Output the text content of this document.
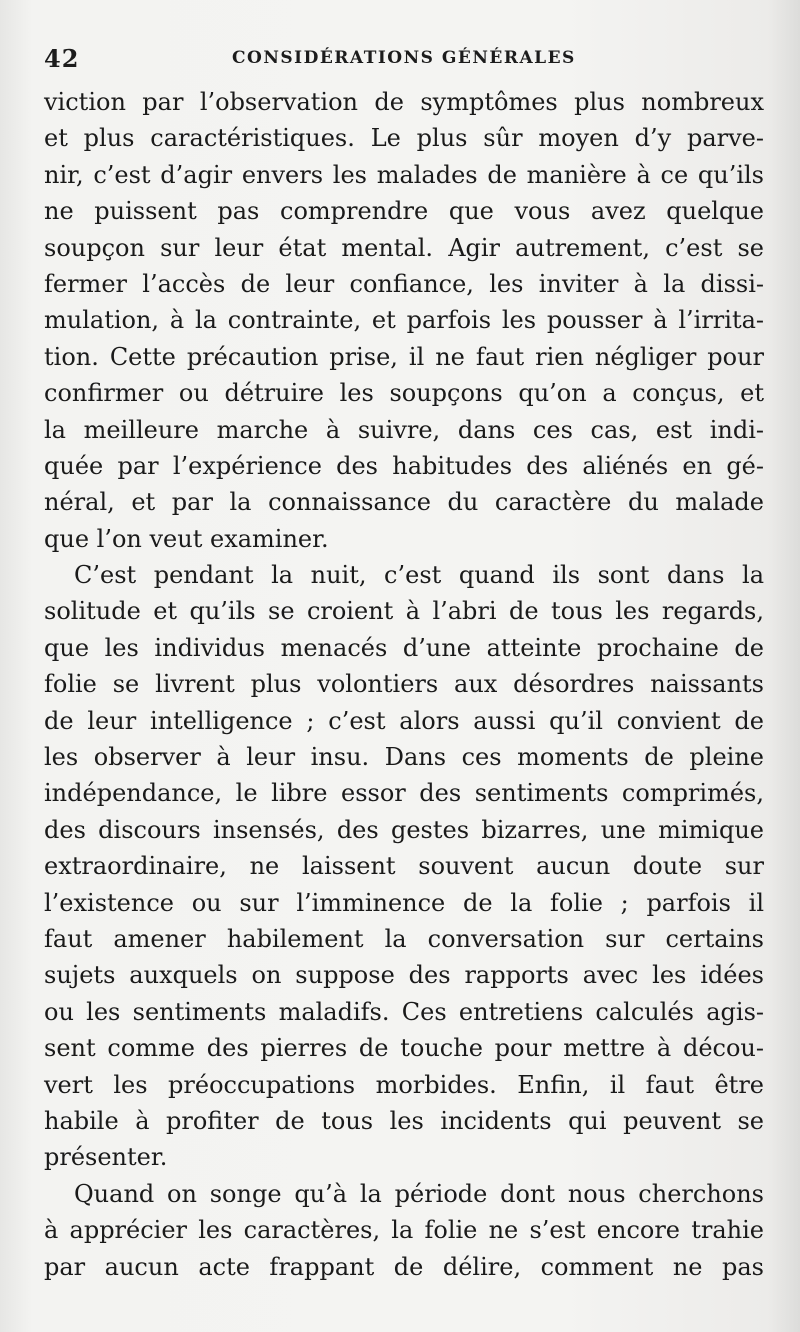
42	CONSIDÉRATIONS GÉNÉRALES
viction par l’observation de symptômes plus nombreux
et plus caractéristiques. Le plus sûr moyen d’y parve-
nir, c’est d’agir envers les malades de manière à ce qu’ils
ne puissent pas comprendre que vous avez quelque
soupçon sur leur état mental. Agir autrement, c’est se
fermer l’accès de leur confiance, les inviter à la dissi-
mulation, à la contrainte, et parfois les pousser à l’irrita-
tion. Cette précaution prise, il ne faut rien négliger pour
confirmer ou détruire les soupçons qu’on a conçus, et
la meilleure marche à suivre, dans ces cas, est indi-
quée par l’expérience des habitudes des aliénés en gé-
néral, et par la connaissance du caractère du malade
que l’on veut examiner.
C’est pendant la nuit, c’est quand ils sont dans la
solitude et qu’ils se croient à l’abri de tous les regards,
que les individus menacés d’une atteinte prochaine de
folie se livrent plus volontiers aux désordres naissants
de leur intelligence ; c’est alors aussi qu’il convient de
les observer à leur insu. Dans ces moments de pleine
indépendance, le libre essor des sentiments comprimés,
des discours insensés, des gestes bizarres, une mimique
extraordinaire, ne laissent souvent aucun doute sur
l’existence ou sur l’imminence de la folie ; parfois il
faut amener habilement la conversation sur certains
sujets auxquels on suppose des rapports avec les idées
ou les sentiments maladifs. Ces entretiens calculés agis-
sent comme des pierres de touche pour mettre à décou-
vert les préoccupations morbides. Enfin, il faut être
habile à profiter de tous les incidents qui peuvent se
présenter.
Quand on songe qu’à la période dont nous cherchons
à apprécier les caractères, la folie ne s’est encore trahie
par aucun acte frappant de délire, comment ne pas
